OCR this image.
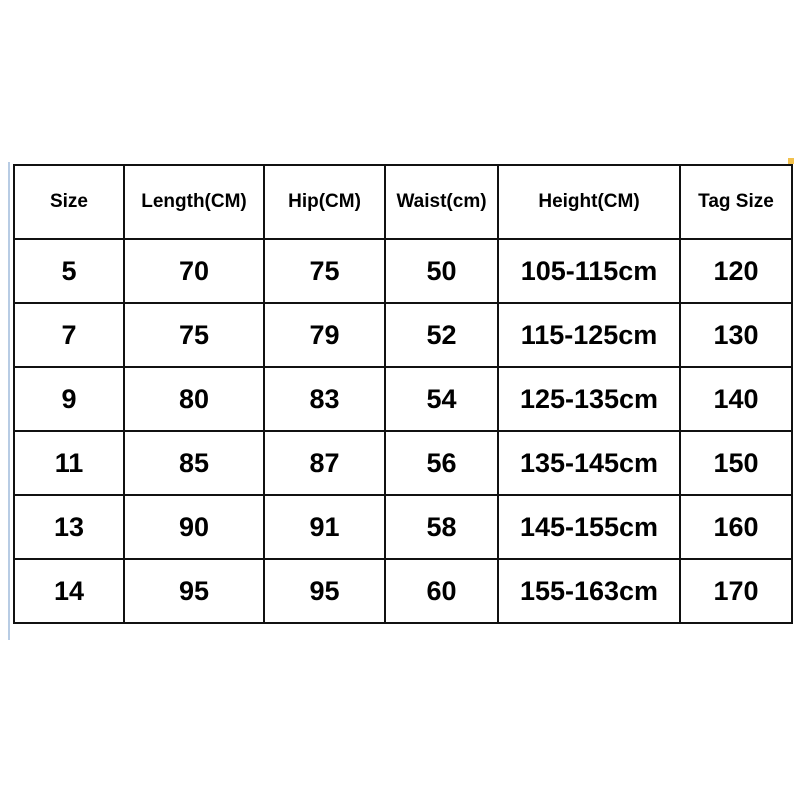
Size	Length(CM)	Hip(CM)	Waist(cm)	Height(CM)	Tag Size
5	70	75	50	105-115cm	120
7	75	79	52	115-125cm	130
9	80	83	54	125-135cm	140
11	85	87	56	135-145cm	150
13	90	91	58	145-155cm	160
14	95	95	60	155-163cm	170
